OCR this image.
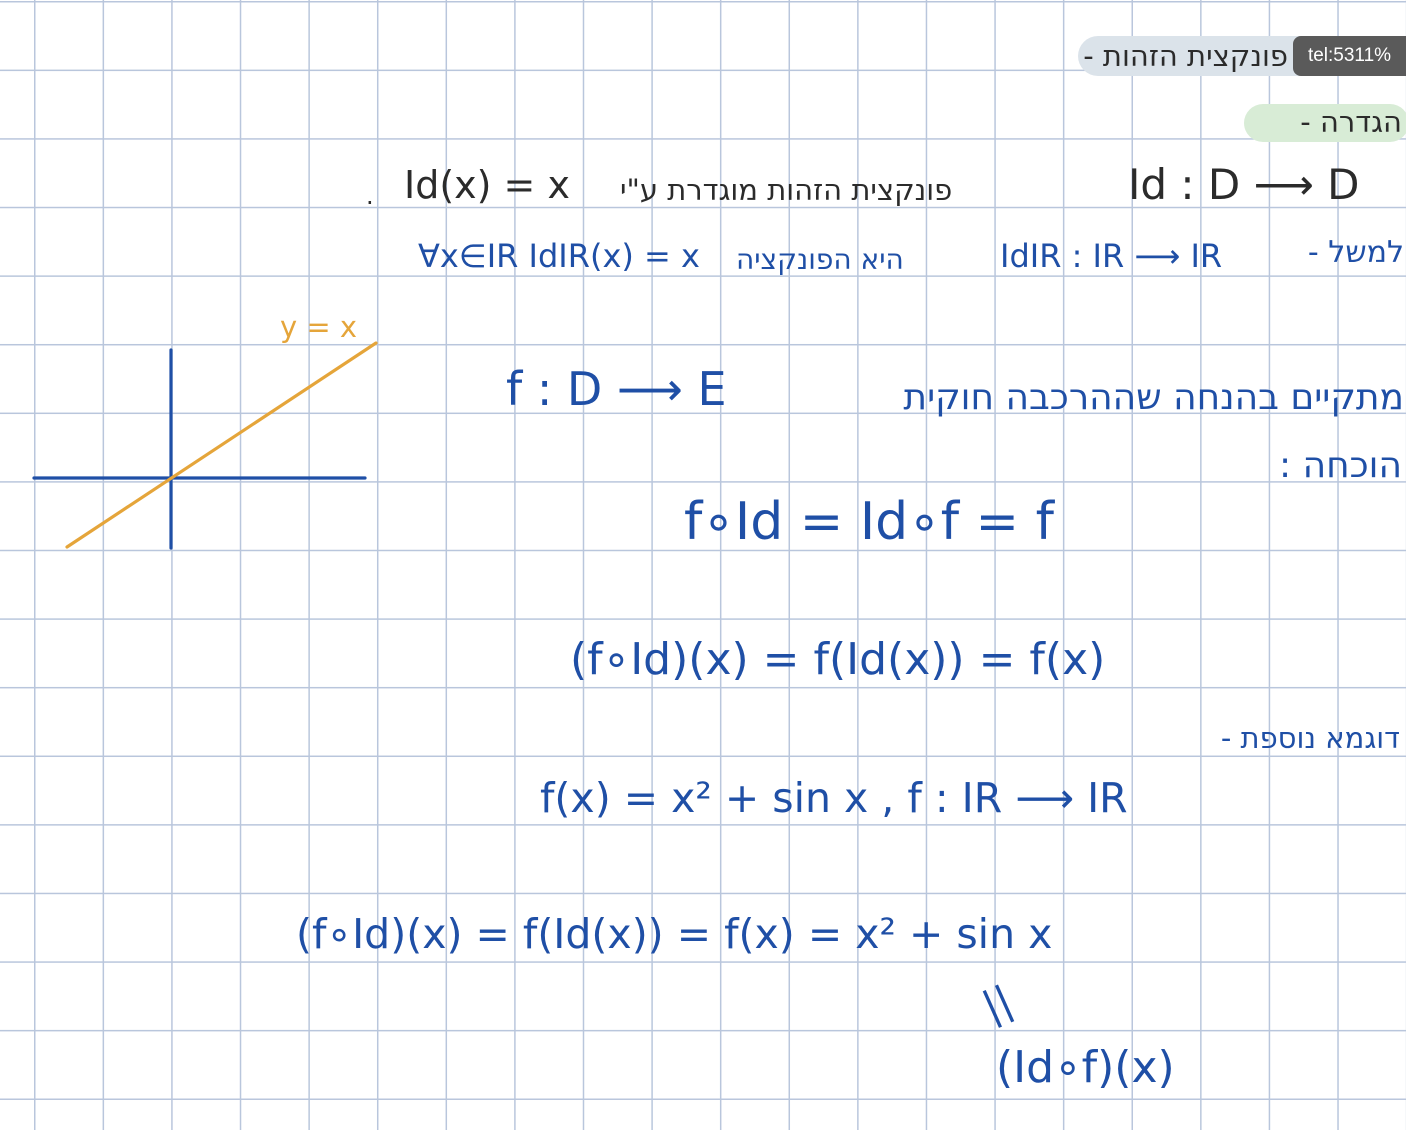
פונקצית הזהות -	tel:5311%
הגדרה -
Id : D ⟶ D
פונקצית הזהות מוגדרת ע"י
Id(x) = x
.
למשל -
IdIR : IR ⟶ IR
היא הפונקציה
∀x∈IR IdIR(x) = x
y = x
מתקיים בהנחה שההרכבה חוקית
f : D ⟶ E
הוכחה :
f∘Id = Id∘f = f
(f∘Id)(x) = f(Id(x)) = f(x)
דוגמא נוספת -
f(x) = x² + sin x , f : IR ⟶ IR
(f∘Id)(x) = f(Id(x)) = f(x) = x² + sin x
||
(Id∘f)(x)
